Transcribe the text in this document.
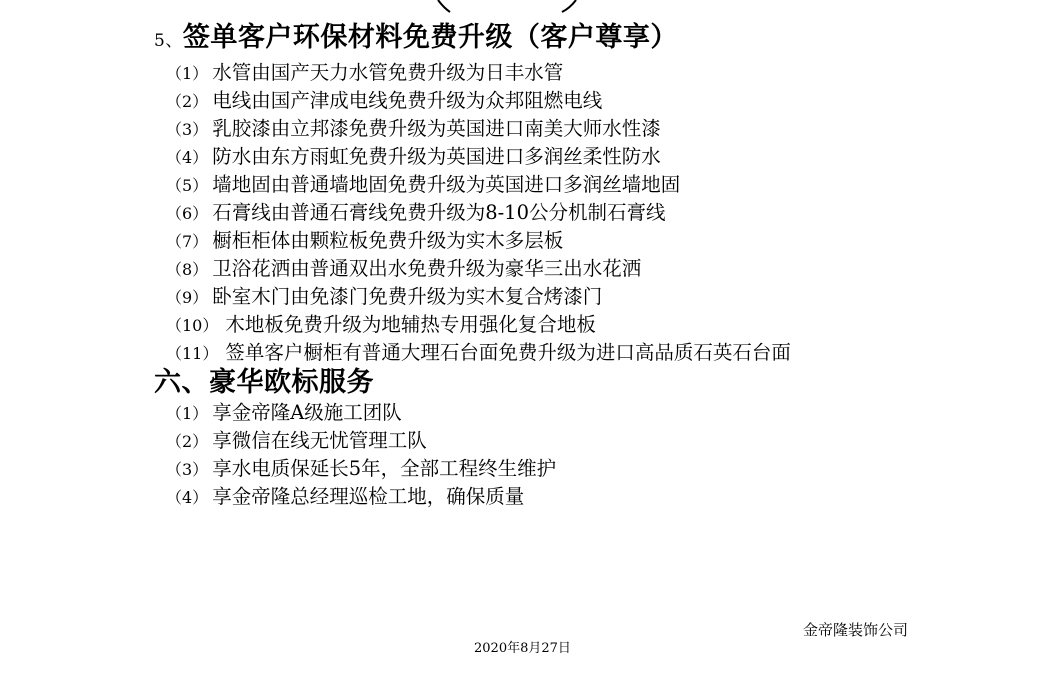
5、签单客户环保材料免费升级（客户尊享）
（1） 水管由国产天力水管免费升级为日丰水管
（2） 电线由国产津成电线免费升级为众邦阻燃电线
（3） 乳胶漆由立邦漆免费升级为英国进口南美大师水性漆
（4） 防水由东方雨虹免费升级为英国进口多润丝柔性防水
（5） 墙地固由普通墙地固免费升级为英国进口多润丝墙地固
（6） 石膏线由普通石膏线免费升级为8-10公分机制石膏线
（7） 橱柜柜体由颗粒板免费升级为实木多层板
（8） 卫浴花洒由普通双出水免费升级为豪华三出水花洒
（9） 卧室木门由免漆门免费升级为实木复合烤漆门
（10） 木地板免费升级为地辅热专用强化复合地板
（11） 签单客户橱柜有普通大理石台面免费升级为进口高品质石英石台面
六、豪华欧标服务
（1） 享金帝隆A级施工团队
（2） 享微信在线无忧管理工队
（3） 享水电质保延长5年，全部工程终生维护
（4） 享金帝隆总经理巡检工地，确保质量
金帝隆装饰公司
2020年8月27日
